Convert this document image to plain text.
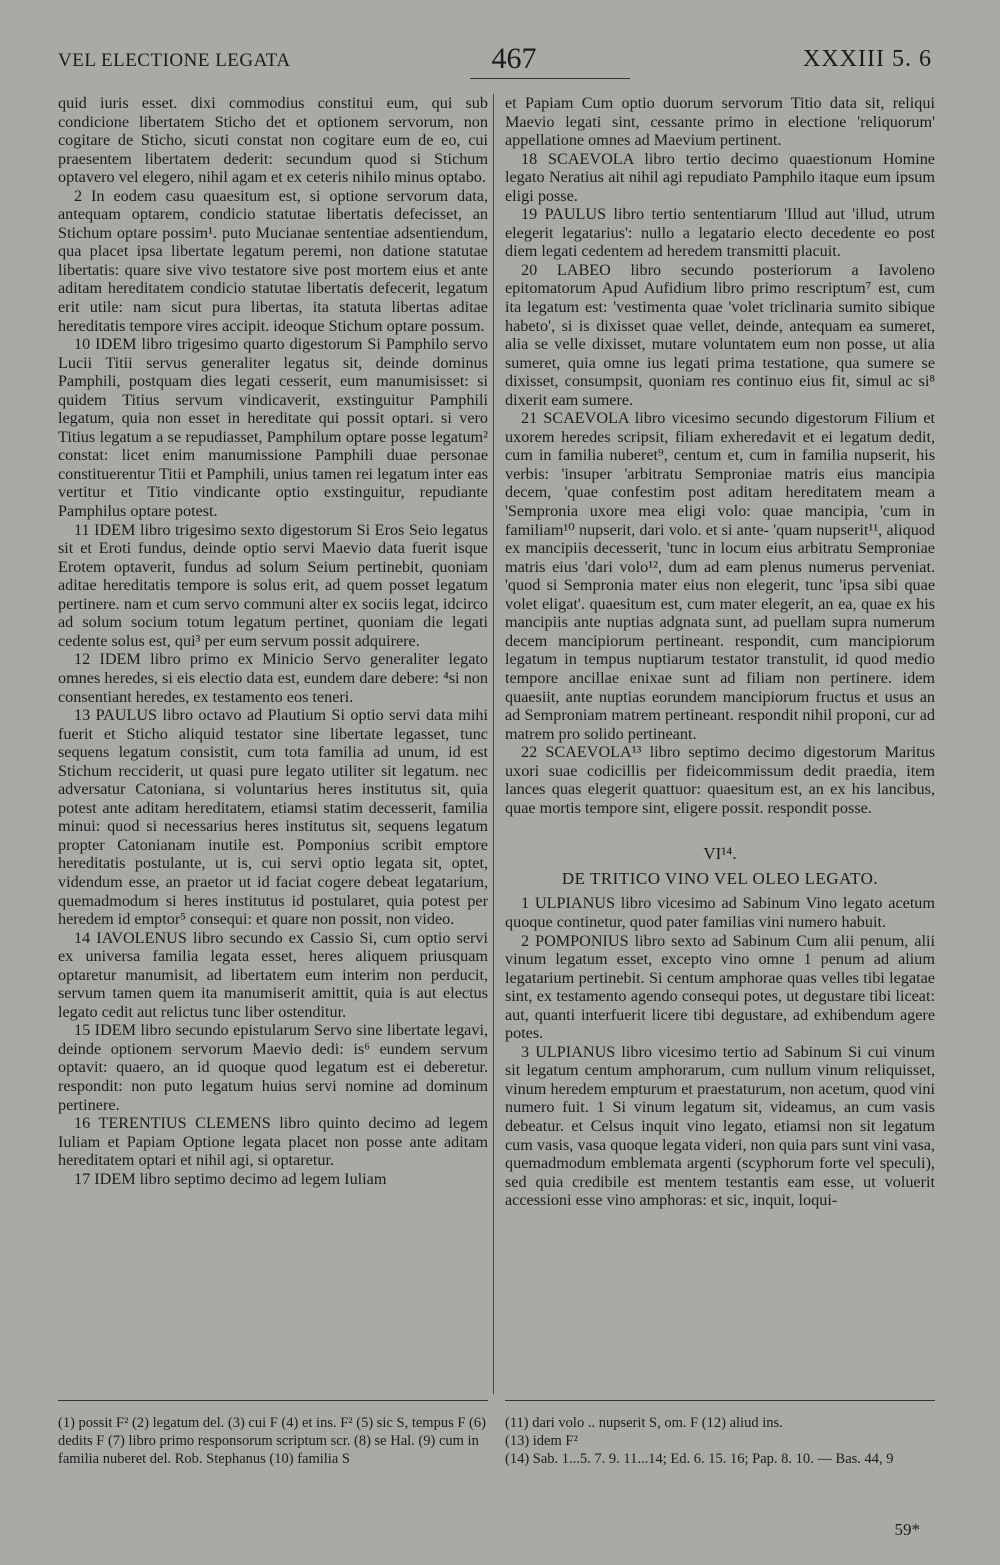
VEL ELECTIONE LEGATA	467	XXXIII 5. 6

quid iuris esset. dixi commodius constitui eum, qui sub condicione libertatem Sticho det et optionem servorum, non cogitare de Sticho, sicuti constat non cogitare eum de eo, cui praesentem libertatem dederit: secundum quod si Stichum optavero vel elegero, nihil agam et ex ceteris nihilo minus optabo.

2 In eodem casu quaesitum est, si optione servorum data, antequam optarem, condicio statutae libertatis defecisset, an Stichum optare possim¹. puto Mucianae sententiae adsentiendum, qua placet ipsa libertate legatum peremi, non datione statutae libertatis: quare sive vivo testatore sive post mortem eius et ante aditam hereditatem condicio statutae libertatis defecerit, legatum erit utile: nam sicut pura libertas, ita statuta libertas aditae hereditatis tempore vires accipit. ideoque Stichum optare possum.

10 IDEM libro trigesimo quarto digestorum Si Pamphilo servo Lucii Titii servus generaliter legatus sit, deinde dominus Pamphili, postquam dies legati cesserit, eum manumisisset: si quidem Titius servum vindicaverit, exstinguitur Pamphili legatum, quia non esset in hereditate qui possit optari. si vero Titius legatum a se repudiasset, Pamphilum optare posse legatum² constat: licet enim manumissione Pamphili duae personae constituerentur Titii et Pamphili, unius tamen rei legatum inter eas vertitur et Titio vindicante optio exstinguitur, repudiante Pamphilus optare potest.

11 IDEM libro trigesimo sexto digestorum Si Eros Seio legatus sit et Eroti fundus, deinde optio servi Maevio data fuerit isque Erotem optaverit, fundus ad solum Seium pertinebit, quoniam aditae hereditatis tempore is solus erit, ad quem posset legatum pertinere. nam et cum servo communi alter ex sociis legat, idcirco ad solum socium totum legatum pertinet, quoniam die legati cedente solus est, qui³ per eum servum possit adquirere.

12 IDEM libro primo ex Minicio Servo generaliter legato omnes heredes, si eis electio data est, eundem dare debere: ⁴si non consentiant heredes, ex testamento eos teneri.

13 PAULUS libro octavo ad Plautium Si optio servi data mihi fuerit et Sticho aliquid testator sine libertate legasset, tunc sequens legatum consistit, cum tota familia ad unum, id est Stichum recciderit, ut quasi pure legato utiliter sit legatum. nec adversatur Catoniana, si voluntarius heres institutus sit, quia potest ante aditam hereditatem, etiamsi statim decesserit, familia minui: quod si necessarius heres institutus sit, sequens legatum propter Catonianam inutile est. Pomponius scribit emptore hereditatis postulante, ut is, cui servi optio legata sit, optet, videndum esse, an praetor ut id faciat cogere debeat legatarium, quemadmodum si heres institutus id postularet, quia potest per heredem id emptor⁵ consequi: et quare non possit, non video.

14 IAVOLENUS libro secundo ex Cassio Si, cum optio servi ex universa familia legata esset, heres aliquem priusquam optaretur manumisit, ad libertatem eum interim non perducit, servum tamen quem ita manumiserit amittit, quia is aut electus legato cedit aut relictus tunc liber ostenditur.

15 IDEM libro secundo epistularum Servo sine libertate legavi, deinde optionem servorum Maevio dedi: is⁶ eundem servum optavit: quaero, an id quoque quod legatum est ei deberetur. respondit: non puto legatum huius servi nomine ad dominum pertinere.

16 TERENTIUS CLEMENS libro quinto decimo ad legem Iuliam et Papiam Optione legata placet non posse ante aditam hereditatem optari et nihil agi, si optaretur.

17 IDEM libro septimo decimo ad legem Iuliam

et Papiam Cum optio duorum servorum Titio data sit, reliqui Maevio legati sint, cessante primo in electione 'reliquorum' appellatione omnes ad Maevium pertinent.

18 SCAEVOLA libro tertio decimo quaestionum Homine legato Neratius ait nihil agi repudiato Pamphilo itaque eum ipsum eligi posse.

19 PAULUS libro tertio sententiarum 'Illud aut 'illud, utrum elegerit legatarius': nullo a legatario electo decedente eo post diem legati cedentem ad heredem transmitti placuit.

20 LABEO libro secundo posteriorum a Iavoleno epitomatorum Apud Aufidium libro primo rescriptum⁷ est, cum ita legatum est: 'vestimenta quae 'volet triclinaria sumito sibique habeto', si is dixisset quae vellet, deinde, antequam ea sumeret, alia se velle dixisset, mutare voluntatem eum non posse, ut alia sumeret, quia omne ius legati prima testatione, qua sumere se dixisset, consumpsit, quoniam res continuo eius fit, simul ac si⁸ dixerit eam sumere.

21 SCAEVOLA libro vicesimo secundo digestorum Filium et uxorem heredes scripsit, filiam exheredavit et ei legatum dedit, cum in familia nuberet⁹, centum et, cum in familia nupserit, his verbis: 'insuper 'arbitratu Semproniae matris eius mancipia decem, 'quae confestim post aditam hereditatem meam a 'Sempronia uxore mea eligi volo: quae mancipia, 'cum in familiam¹⁰ nupserit, dari volo. et si ante- 'quam nupserit¹¹, aliquod ex mancipiis decesserit, 'tunc in locum eius arbitratu Semproniae matris eius 'dari volo¹², dum ad eam plenus numerus perveniat. 'quod si Sempronia mater eius non elegerit, tunc 'ipsa sibi quae volet eligat'. quaesitum est, cum mater elegerit, an ea, quae ex his mancipiis ante nuptias adgnata sunt, ad puellam supra numerum decem mancipiorum pertineant. respondit, cum mancipiorum legatum in tempus nuptiarum testator transtulit, id quod medio tempore ancillae enixae sunt ad filiam non pertinere. idem quaesiit, ante nuptias eorundem mancipiorum fructus et usus an ad Semproniam matrem pertineant. respondit nihil proponi, cur ad matrem pro solido pertineant.

22 SCAEVOLA¹³ libro septimo decimo digestorum Maritus uxori suae codicillis per fideicommissum dedit praedia, item lances quas elegerit quattuor: quaesitum est, an ex his lancibus, quae mortis tempore sint, eligere possit. respondit posse.

VI¹⁴.
DE TRITICO VINO VEL OLEO LEGATO.

1 ULPIANUS libro vicesimo ad Sabinum Vino legato acetum quoque continetur, quod pater familias vini numero habuit.

2 POMPONIUS libro sexto ad Sabinum Cum alii penum, alii vinum legatum esset, excepto vino omne 1 penum ad alium legatarium pertinebit. Si centum amphorae quas velles tibi legatae sint, ex testamento agendo consequi potes, ut degustare tibi liceat: aut, quanti interfuerit licere tibi degustare, ad exhibendum agere potes.

3 ULPIANUS libro vicesimo tertio ad Sabinum Si cui vinum sit legatum centum amphorarum, cum nullum vinum reliquisset, vinum heredem empturum et praestaturum, non acetum, quod vini numero fuit. 1 Si vinum legatum sit, videamus, an cum vasis debeatur. et Celsus inquit vino legato, etiamsi non sit legatum cum vasis, vasa quoque legata videri, non quia pars sunt vini vasa, quemadmodum emblemata argenti (scyphorum forte vel speculi), sed quia credibile est mentem testantis eam esse, ut voluerit accessioni esse vino amphoras: et sic, inquit, loqui-

(1) possit F² (2) legatum del. (3) cui F (4) et ins. F² (5) sic S, tempus F (6) dedits F (7) libro primo responsorum scriptum scr. (8) se Hal. (9) cum in familia nuberet del. Rob. Stephanus (10) familia S

(11) dari volo .. nupserit S, om. F (12) aliud ins.

(13) idem F²

(14) Sab. 1...5. 7. 9. 11...14; Ed. 6. 15. 16; Pap. 8. 10. — Bas. 44, 9

59*
